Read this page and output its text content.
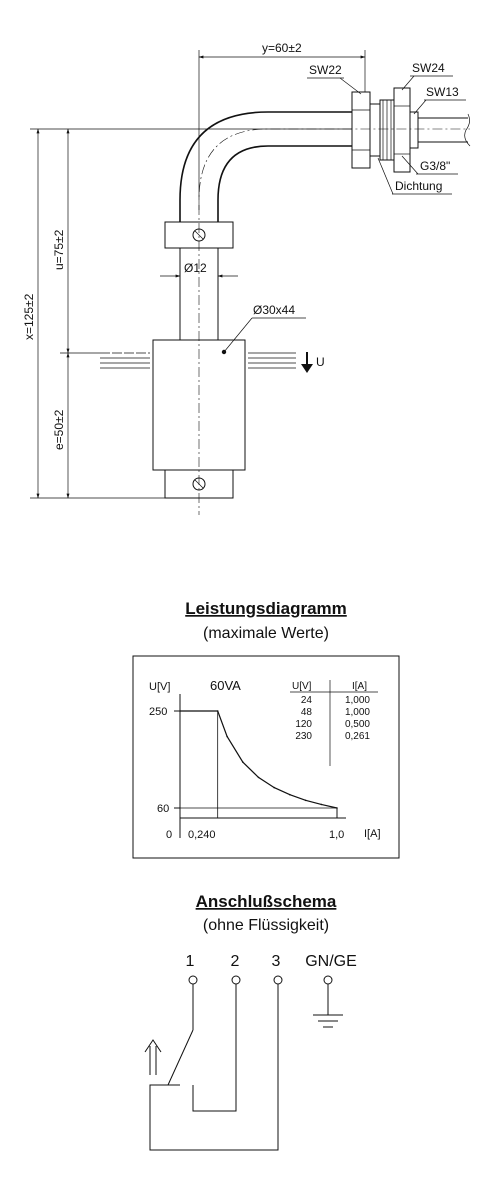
U
y=60±2
x=125±2
u=75±2
e=50±2
Ø12
Ø30x44
SW22	SW24
SW13
G3/8"
Dichtung
Leistungsdiagramm
(maximale Werte)
U[V]
I[A]
250
60
0 0,240	1,0
60VA	U[V]	I[A]
24	1,000
48	1,000
120	0,500
230	0,261
Anschlußschema
(ohne Flüssigkeit)
1 2 3 GN/GE
